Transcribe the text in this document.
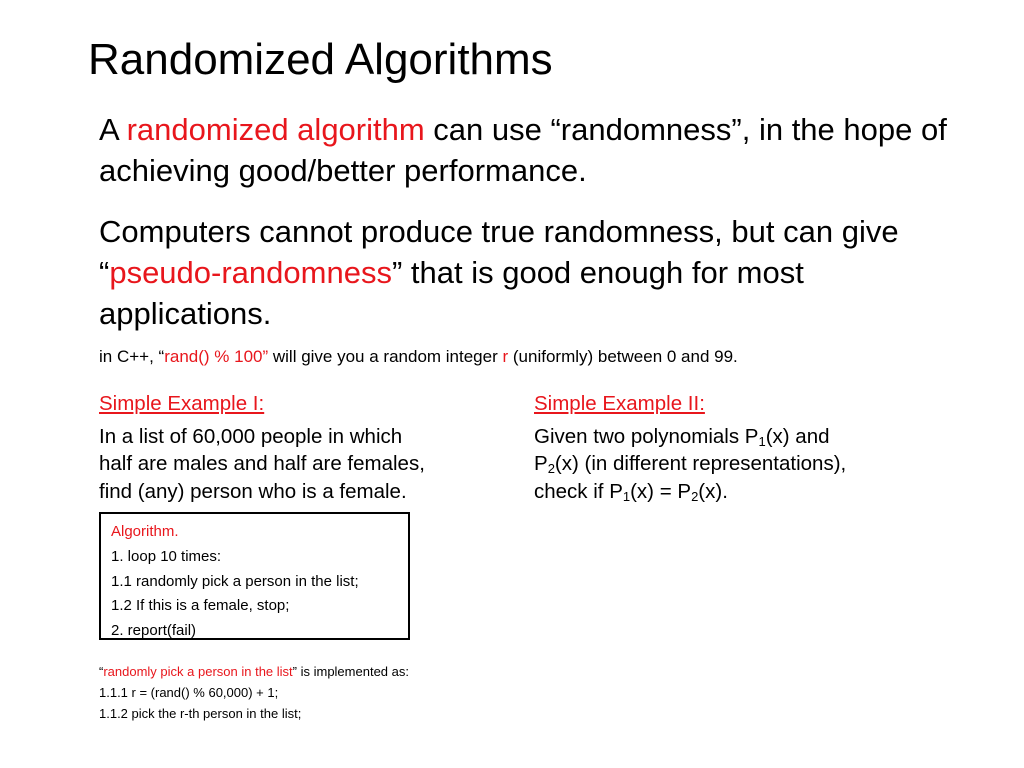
Randomized Algorithms
A randomized algorithm can use “randomness”, in the hope of achieving good/better performance.
Computers cannot produce true randomness, but can give “pseudo-randomness” that is good enough for most applications.
in C++, “rand() % 100” will give you a random integer r (uniformly) between 0 and 99.
Simple Example I:
In a list of 60,000 people in which
half are males and half are females,
find (any) person who is a female.
Simple Example II:
Given two polynomials $P_1(x)$ and
$P_2(x)$ (in different representations),
check if $P_1(x) = P_2(x)$.
Algorithm.
1. loop 10 times:
1.1 randomly pick a person in the list;
1.2 If this is a female, stop;
2. report(fail)
“randomly pick a person in the list” is implemented as:
1.1.1 r = (rand() % 60,000) + 1;
1.1.2 pick the r-th person in the list;
